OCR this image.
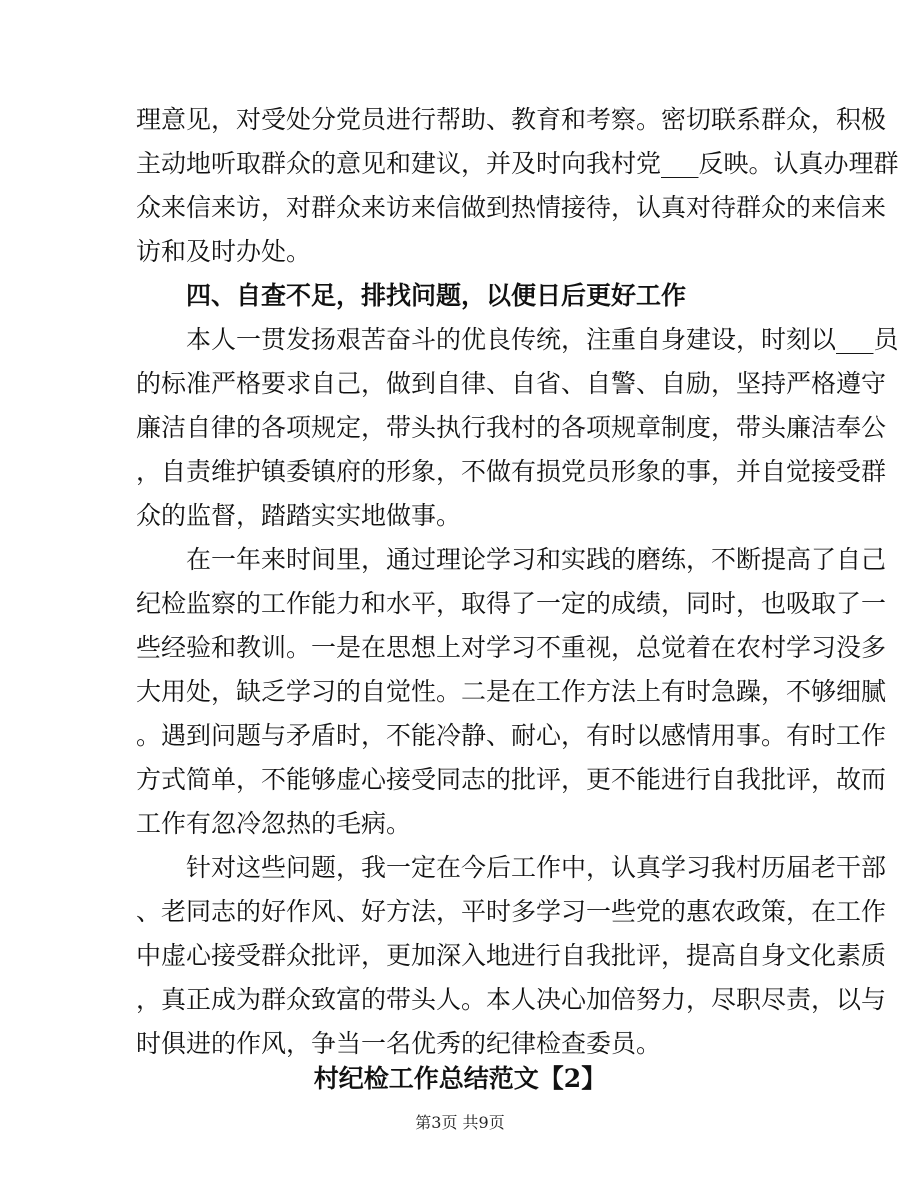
理意见，对受处分党员进行帮助、教育和考察。密切联系群众，积极
主动地听取群众的意见和建议，并及时向我村党___反映。认真办理群
众来信来访，对群众来访来信做到热情接待，认真对待群众的来信来
访和及时办处。
四、自查不足，排找问题，以便日后更好工作
本人一贯发扬艰苦奋斗的优良传统，注重自身建设，时刻以___员
的标准严格要求自己，做到自律、自省、自警、自励，坚持严格遵守
廉洁自律的各项规定，带头执行我村的各项规章制度，带头廉洁奉公
，自责维护镇委镇府的形象，不做有损党员形象的事，并自觉接受群
众的监督，踏踏实实地做事。
在一年来时间里，通过理论学习和实践的磨练，不断提高了自己
纪检监察的工作能力和水平，取得了一定的成绩，同时，也吸取了一
些经验和教训。一是在思想上对学习不重视，总觉着在农村学习没多
大用处，缺乏学习的自觉性。二是在工作方法上有时急躁，不够细腻
。遇到问题与矛盾时，不能冷静、耐心，有时以感情用事。有时工作
方式简单，不能够虚心接受同志的批评，更不能进行自我批评，故而
工作有忽冷忽热的毛病。
针对这些问题，我一定在今后工作中，认真学习我村历届老干部
、老同志的好作风、好方法，平时多学习一些党的惠农政策，在工作
中虚心接受群众批评，更加深入地进行自我批评，提高自身文化素质
，真正成为群众致富的带头人。本人决心加倍努力，尽职尽责，以与
时俱进的作风，争当一名优秀的纪律检查委员。
村纪检工作总结范文【2】
第3页 共9页
